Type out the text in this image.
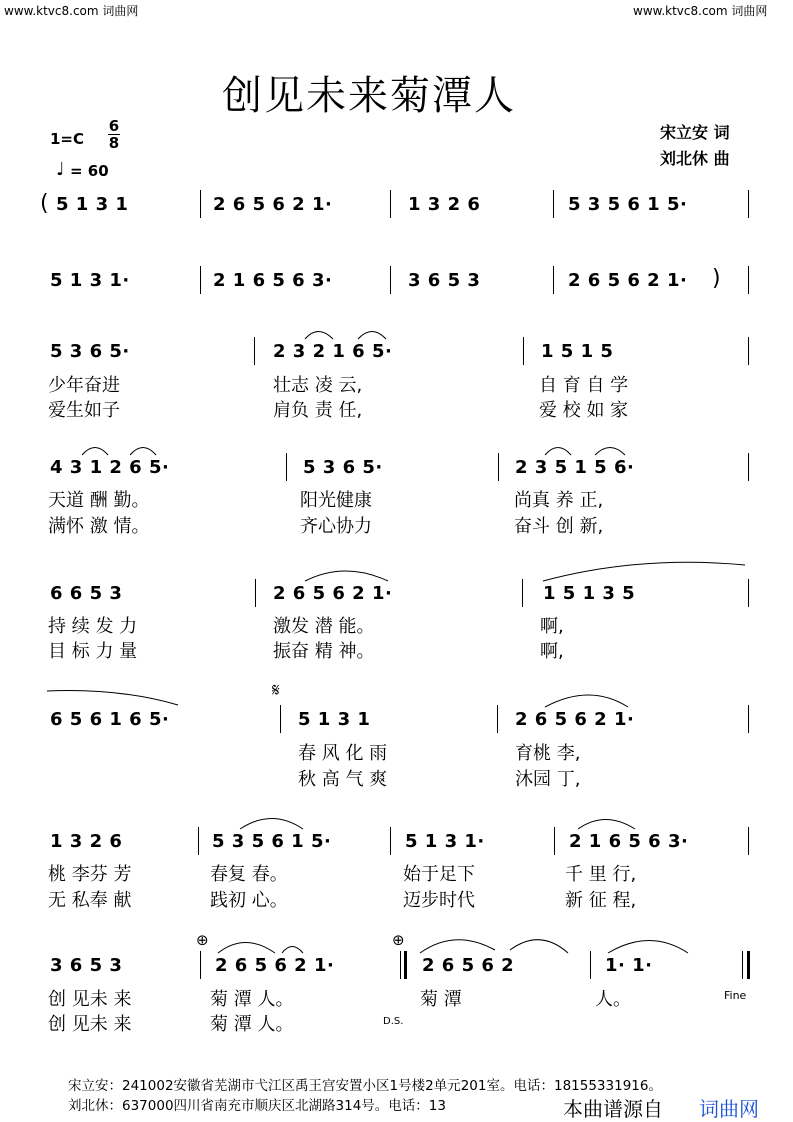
www.ktvc8.com 词曲网	www.ktvc8.com 词曲网
创见未来菊潭人
1=C
6
8
♩ = 60
宋立安 词
刘北休 曲
( 5 1 3 1	2 6 5 6 2 1·	1 3 2 6	5 3 5 6 1 5·
5 1 3 1·	2 1 6 5 6 3·	3 6 5 3	2 6 5 6 2 1· )
5 3 6 5·	2 3 2 1 6 5·	1 5 1 5
少年奋进	壮志 凌 云,	自 育 自 学
爱生如子	肩负 责 任,	爱 校 如 家
4 3 1 2 6 5·	5 3 6 5·	2 3 5 1 5 6·
天道 酬 勤。	阳光健康	尚真 养 正,
满怀 激 情。	齐心协力	奋斗 创 新,
6 6 5 3	2 6 5 6 2 1·	1 5 1 3 5
持 续 发 力	激发 潜 能。	啊,
目 标 力 量	振奋 精 神。	啊,
𝄋
6 5 6 1 6 5·	5 1 3 1	2 6 5 6 2 1·
春 风 化 雨	育桃 李,
秋 高 气 爽	沐园 丁,
1 3 2 6	5 3 5 6 1 5·	5 1 3 1·	2 1 6 5 6 3·
桃 李芬 芳	春复 春。	始于足下	千 里 行,
无 私奉 献	践初 心。	迈步时代	新 征 程,
⊕	⊕
3 6 5 3	2 6 5 6 2 1·	2 6 5 6 2	1· 1·
创 见未 来	菊 潭 人。	菊 潭	人。	Fine
创 见未 来	菊 潭 人。	D.S.
宋立安：241002安徽省芜湖市弋江区禹王宫安置小区1号楼2单元201室。电话：18155331916。
刘北休：637000四川省南充市顺庆区北湖路314号。电话：13	本曲谱源自 词曲网
